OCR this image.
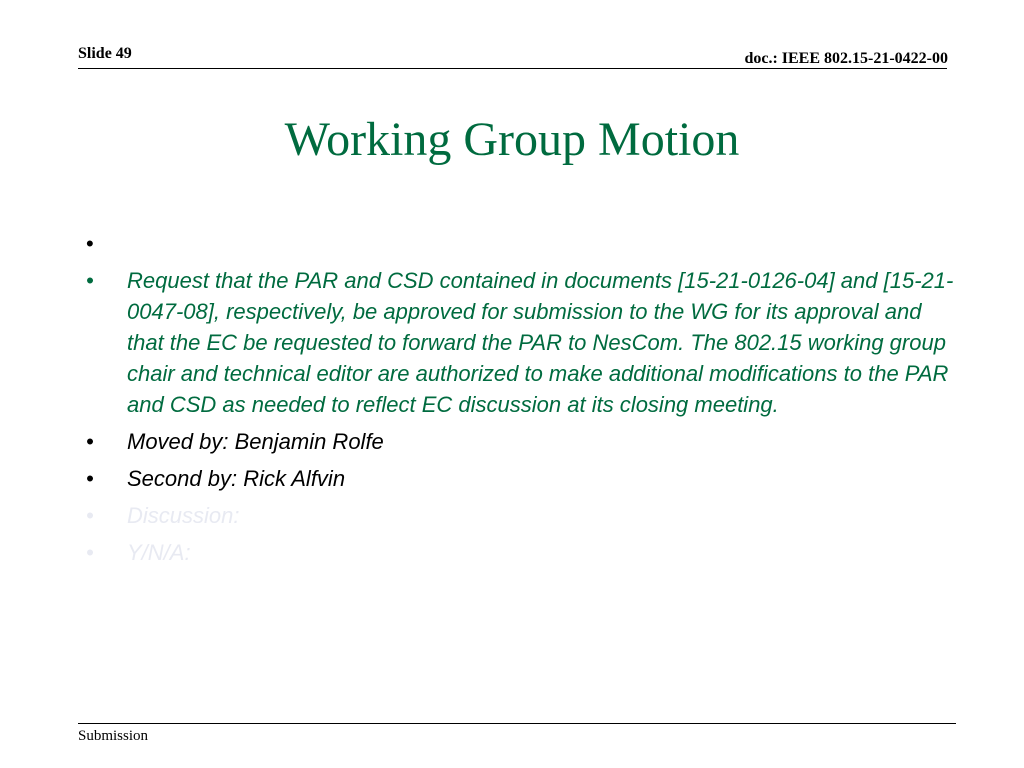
Slide 49	doc.: IEEE 802.15-21-0422-00
Working Group Motion
•
• Request that the PAR and CSD contained in documents [15-21-0126-04] and [15-21-0047-08], respectively, be approved for submission to the WG for its approval and that the EC be requested to forward the PAR to NesCom. The 802.15 working group chair and technical editor are authorized to make additional modifications to the PAR and CSD as needed to reflect EC discussion at its closing meeting.
• Moved by: Benjamin Rolfe
• Second by: Rick Alfvin
• Discussion:
• Y/N/A:
Submission
